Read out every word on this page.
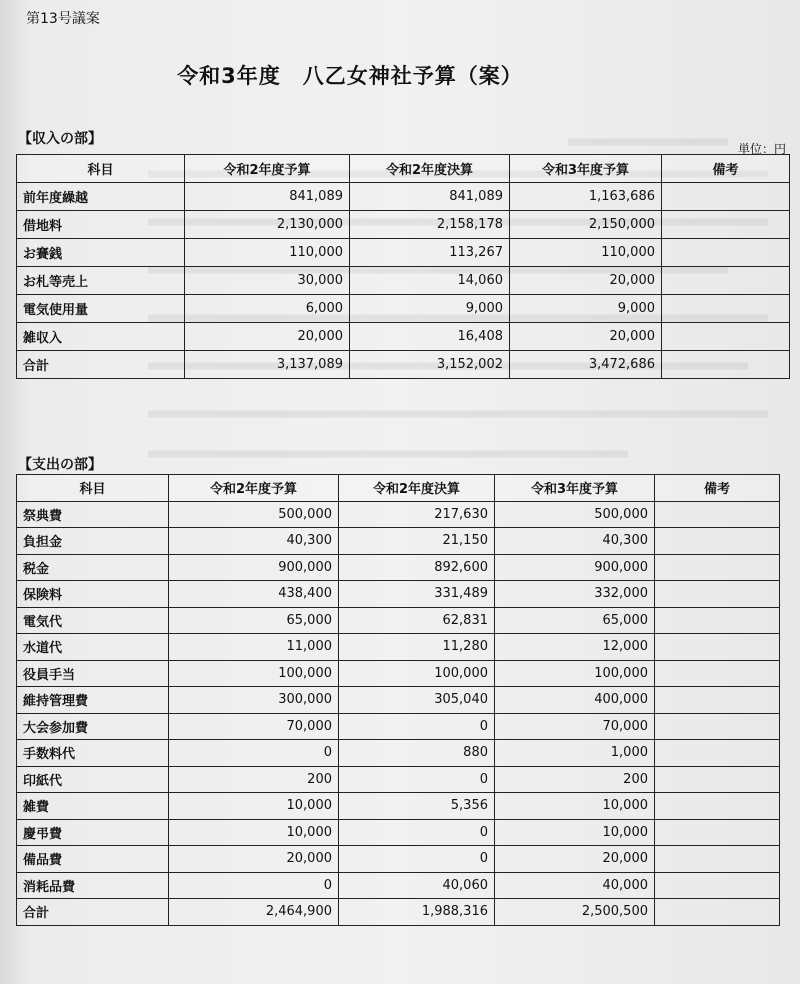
第13号議案
令和3年度　八乙女神社予算（案）
【収入の部】
単位：円
科目	令和2年度予算	令和2年度決算	令和3年度予算	備考
前年度繰越	841,089	841,089	1,163,686	
借地料	2,130,000	2,158,178	2,150,000	
お賽銭	110,000	113,267	110,000	
お札等売上	30,000	14,060	20,000	
電気使用量	6,000	9,000	9,000	
雑収入	20,000	16,408	20,000	
合計	3,137,089	3,152,002	3,472,686	
【支出の部】
科目	令和2年度予算	令和2年度決算	令和3年度予算	備考
祭典費	500,000	217,630	500,000	
負担金	40,300	21,150	40,300	
税金	900,000	892,600	900,000	
保険料	438,400	331,489	332,000	
電気代	65,000	62,831	65,000	
水道代	11,000	11,280	12,000	
役員手当	100,000	100,000	100,000	
維持管理費	300,000	305,040	400,000	
大会参加費	70,000	0	70,000	
手数料代	0	880	1,000	
印紙代	200	0	200	
雑費	10,000	5,356	10,000	
慶弔費	10,000	0	10,000	
備品費	20,000	0	20,000	
消耗品費	0	40,060	40,000	
合計	2,464,900	1,988,316	2,500,500	
